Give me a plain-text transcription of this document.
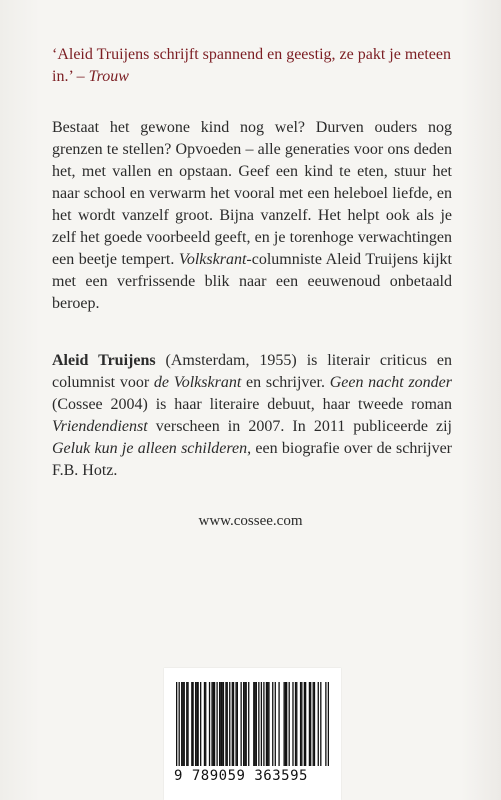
‘Aleid Truijens schrijft spannend en geestig, ze pakt je meteen in.’ – Trouw
Bestaat het gewone kind nog wel? Durven ouders nog grenzen te stellen? Opvoeden – alle generaties voor ons deden het, met vallen en opstaan. Geef een kind te eten, stuur het naar school en verwarm het vooral met een heleboel liefde, en het wordt vanzelf groot. Bijna vanzelf. Het helpt ook als je zelf het goede voorbeeld geeft, en je torenhoge verwachtingen een beetje tempert. Volkskrant-columniste Aleid Truijens kijkt met een verfrissende blik naar een eeuwenoud onbetaald beroep.
Aleid Truijens (Amsterdam, 1955) is literair criticus en columnist voor de Volkskrant en schrijver. Geen nacht zonder (Cossee 2004) is haar literaire debuut, haar tweede roman Vriendendienst verscheen in 2007. In 2011 publiceerde zij Geluk kun je alleen schilderen, een biografie over de schrijver F.B. Hotz.
www.cossee.com
9 789059 363595
